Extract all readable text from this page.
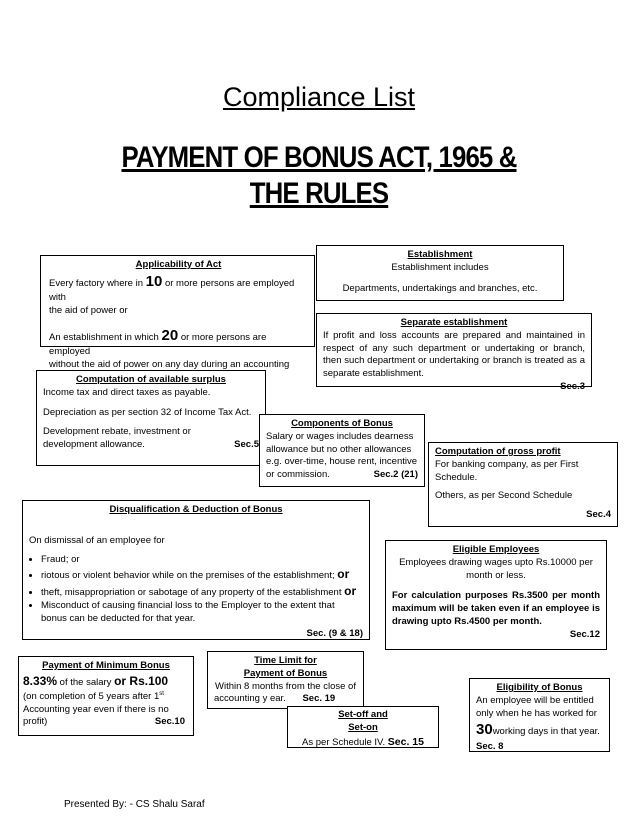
Compliance List
PAYMENT OF BONUS ACT, 1965 &
THE RULES
Applicability of Act
Every factory where in 10 or more persons are employed with
the aid of power or
An establishment in which 20 or more persons are employed
without the aid of power on any day during an accounting
Establishment
Establishment includes
Departments, undertakings and branches, etc.
Separate establishment
If profit and loss accounts are prepared and maintained in respect of any such department or undertaking or branch, then such department or undertaking or branch is treated as a separate establishment.
Sec.3
Computation of available surplus
Income tax and direct taxes as payable.
Depreciation as per section 32 of Income Tax Act.
Development rebate, investment or development allowance.	Sec.5
Components of Bonus
Salary or wages includes dearness allowance but no other allowances e.g. over-time, house rent, incentive or commission.	Sec.2 (21)
Computation of gross profit
For banking company, as per First Schedule.
Others, as per Second Schedule
Sec.4
Disqualification & Deduction of Bonus
On dismissal of an employee for
• Fraud; or
• riotous or violent behavior while on the premises of the establishment; or
• theft, misappropriation or sabotage of any property of the establishment or
• Misconduct of causing financial loss to the Employer to the extent that bonus can be deducted for that year.
Sec. (9 & 18)
Eligible Employees
Employees drawing wages upto Rs.10000 per month or less.
For calculation purposes Rs.3500 per month maximum will be taken even if an employee is drawing upto Rs.4500 per month.
Sec.12
Payment of Minimum Bonus
8.33% of the salary or Rs.100
(on completion of 5 years after 1st
Accounting year even if there is no
profit)	Sec.10
Time Limit for
Payment of Bonus
Within 8 months from the close of
accounting y ear. Sec. 19
Set-off and
Set-on
As per Schedule IV. Sec. 15
Eligibility of Bonus
An employee will be entitled only when he has worked for
30working days in that year.
Sec. 8
Presented By: - CS Shalu Saraf
